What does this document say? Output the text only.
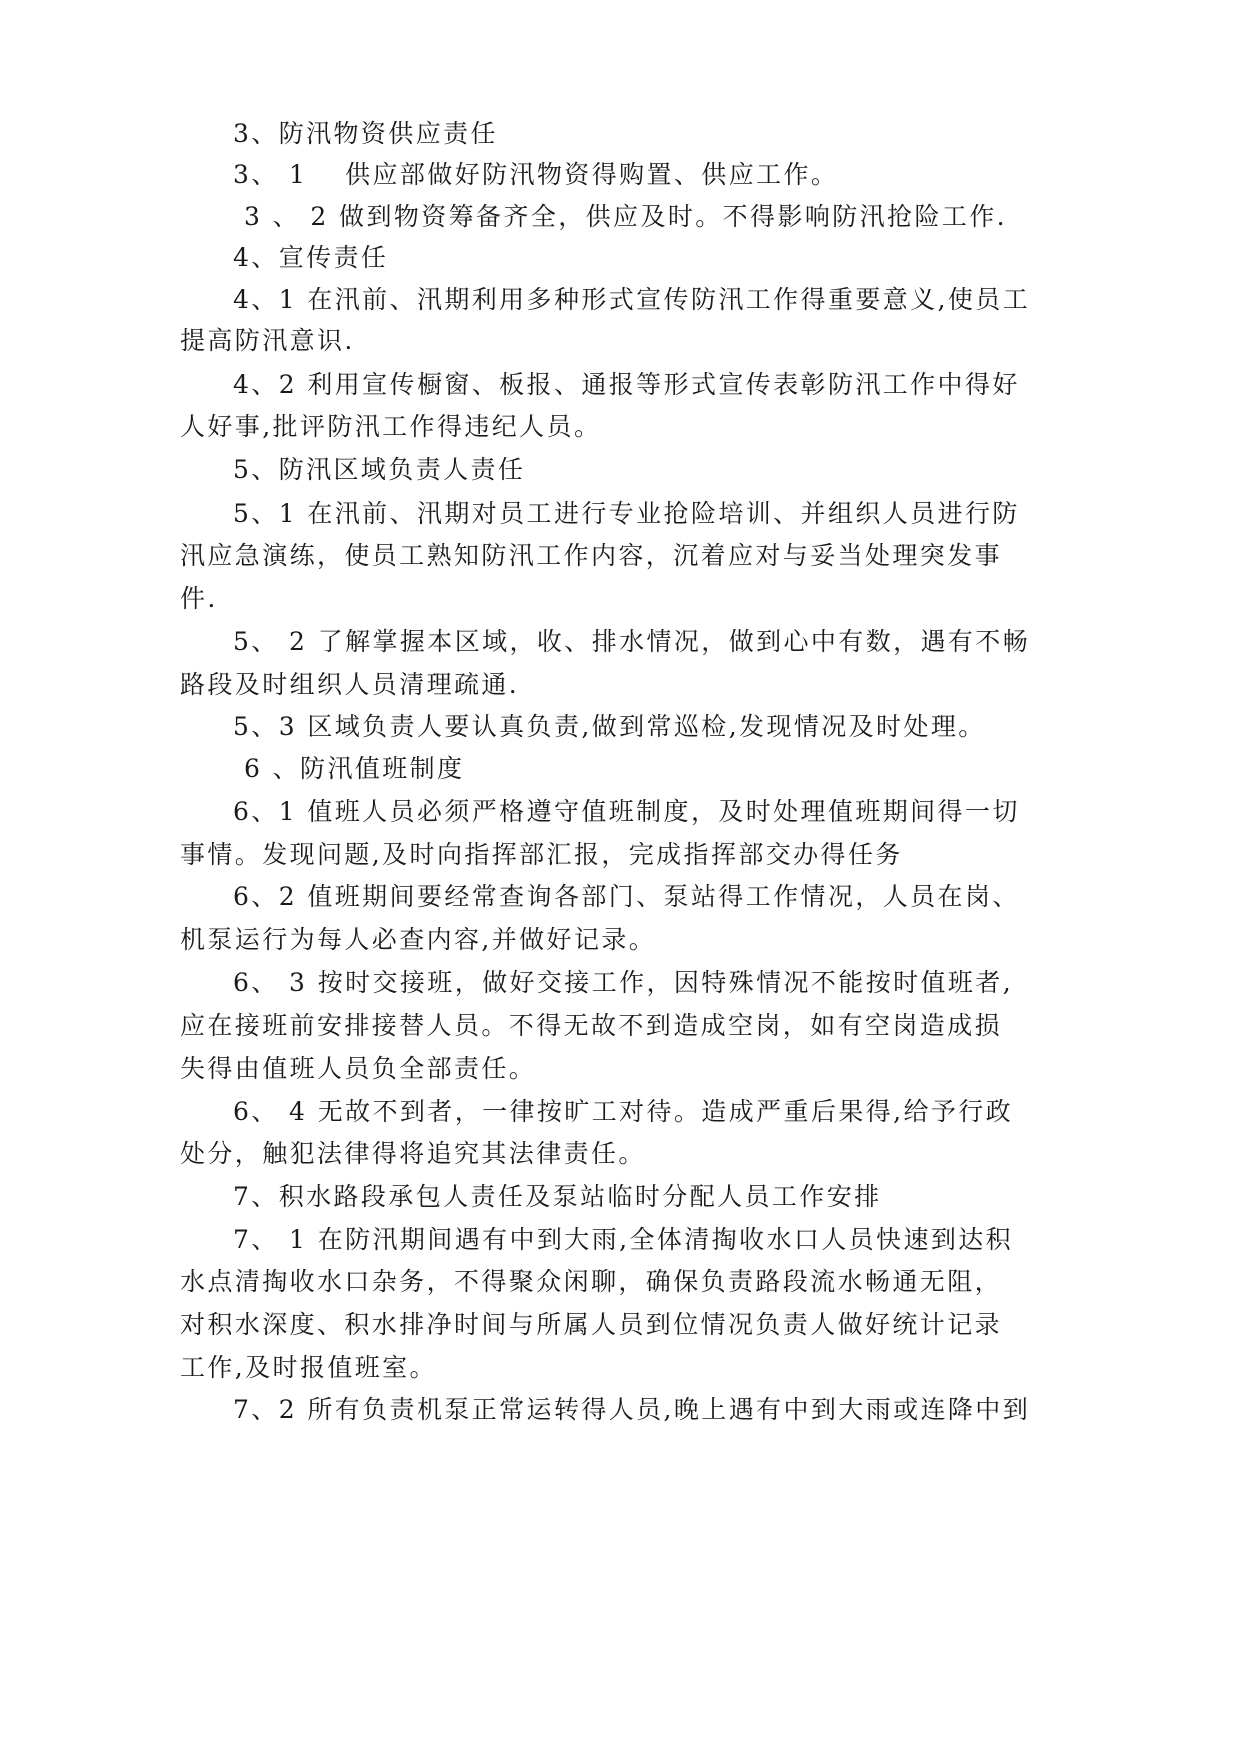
3、防汛物资供应责任
3、 1　 供应部做好防汛物资得购置、供应工作。
3 、 2 做到物资筹备齐全，供应及时。不得影响防汛抢险工作.
4、宣传责任
4、1 在汛前、汛期利用多种形式宣传防汛工作得重要意义,使员工
提高防汛意识.
4、2 利用宣传橱窗、板报、通报等形式宣传表彰防汛工作中得好
人好事,批评防汛工作得违纪人员。
5、防汛区域负责人责任
5、1 在汛前、汛期对员工进行专业抢险培训、并组织人员进行防
汛应急演练，使员工熟知防汛工作内容，沉着应对与妥当处理突发事
件.
5、 2 了解掌握本区域，收、排水情况，做到心中有数，遇有不畅
路段及时组织人员清理疏通.
5、3 区域负责人要认真负责,做到常巡检,发现情况及时处理。
6 、防汛值班制度
6、1 值班人员必须严格遵守值班制度，及时处理值班期间得一切
事情。发现问题,及时向指挥部汇报，完成指挥部交办得任务
6、2 值班期间要经常查询各部门、泵站得工作情况，人员在岗、
机泵运行为每人必查内容,并做好记录。
6、 3 按时交接班，做好交接工作，因特殊情况不能按时值班者,
应在接班前安排接替人员。不得无故不到造成空岗，如有空岗造成损
失得由值班人员负全部责任。
6、 4 无故不到者，一律按旷工对待。造成严重后果得,给予行政
处分，触犯法律得将追究其法律责任。
7、积水路段承包人责任及泵站临时分配人员工作安排
7、 1 在防汛期间遇有中到大雨,全体清掏收水口人员快速到达积
水点清掏收水口杂务，不得聚众闲聊，确保负责路段流水畅通无阻，
对积水深度、积水排净时间与所属人员到位情况负责人做好统计记录
工作,及时报值班室。
7、2 所有负责机泵正常运转得人员,晚上遇有中到大雨或连降中到
